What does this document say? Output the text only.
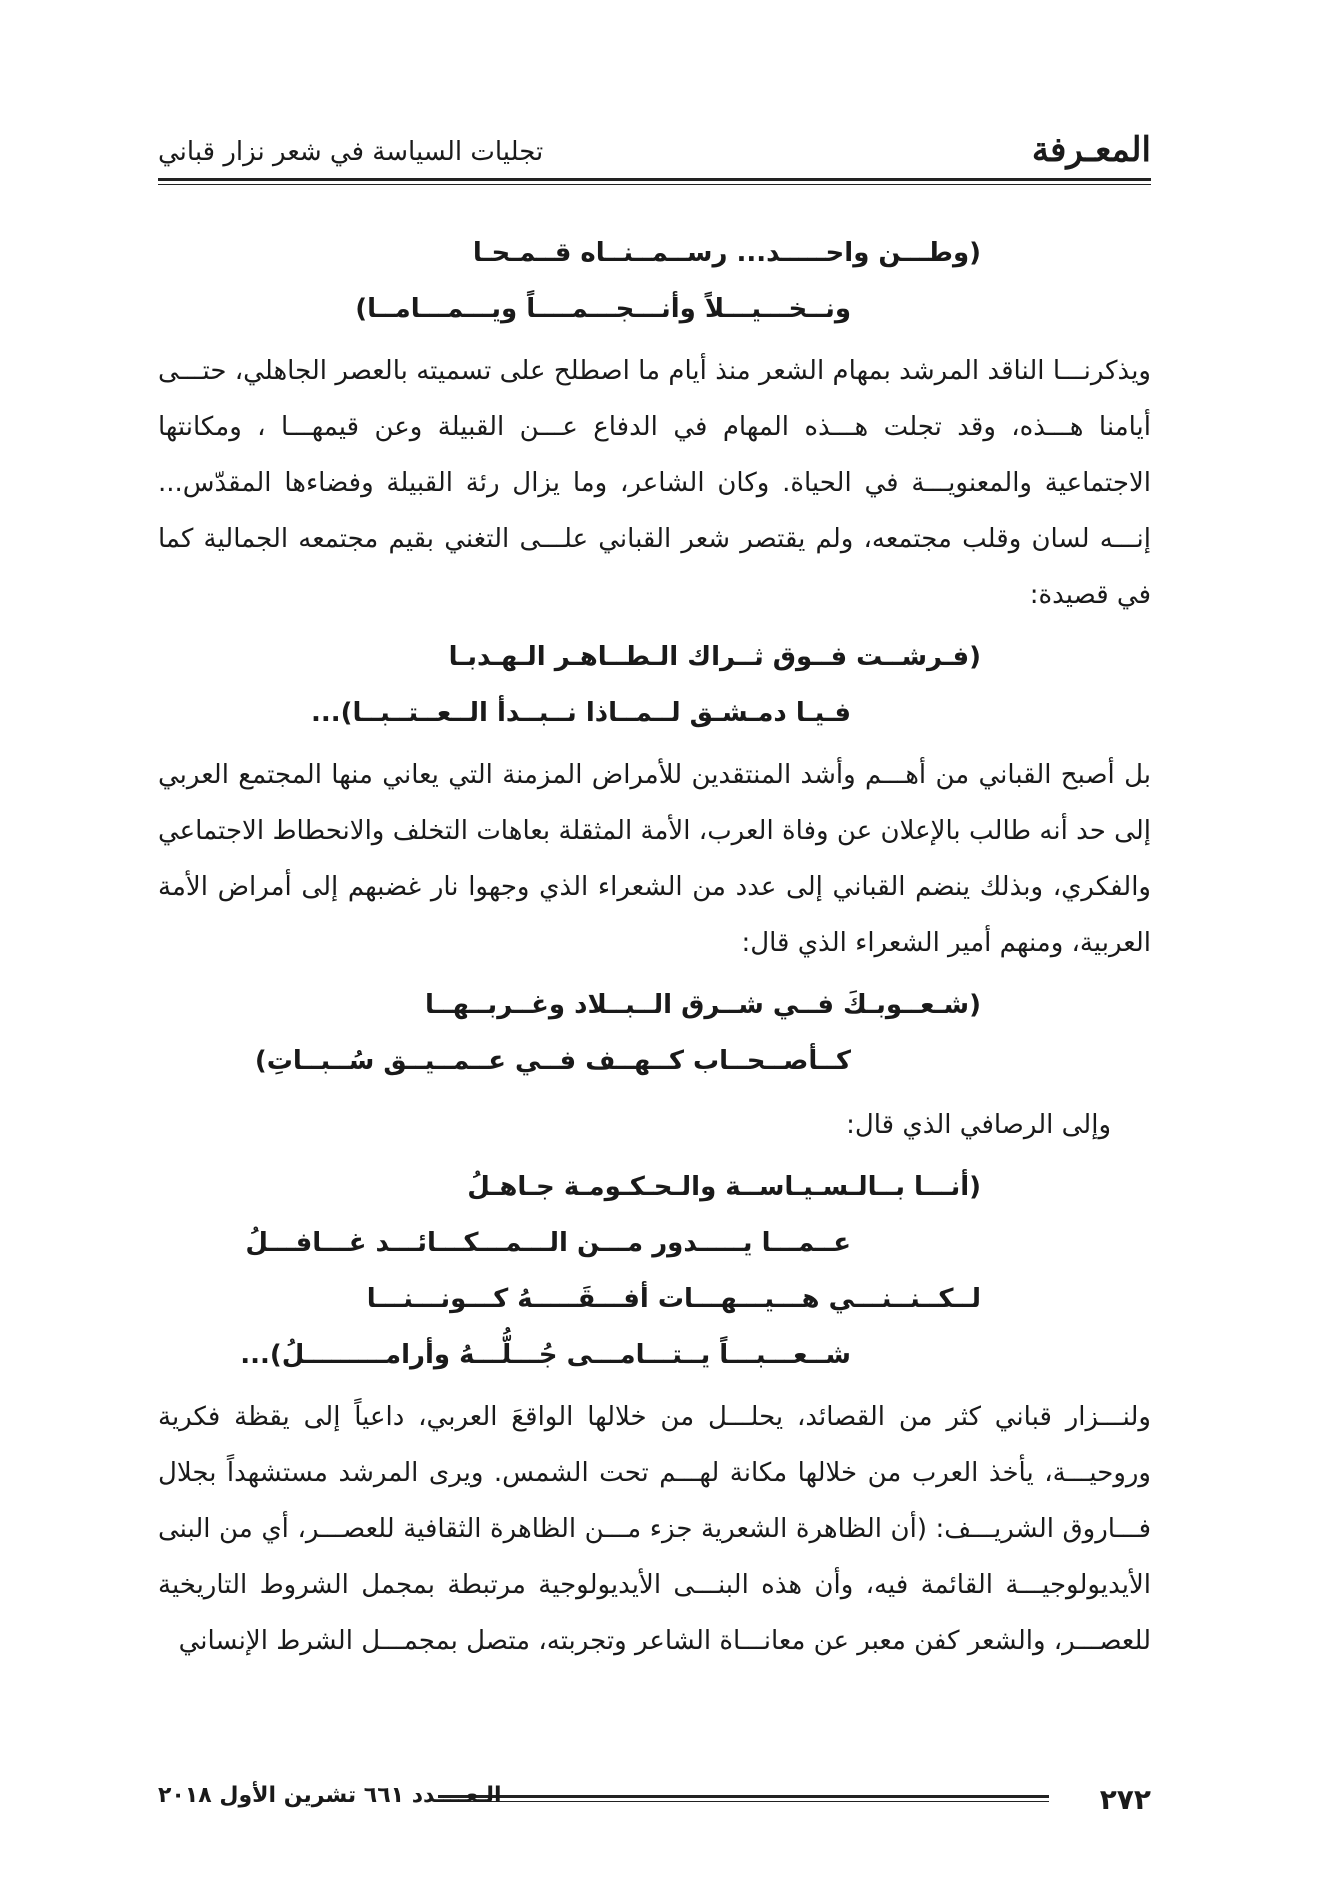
المعـرفة
تجليات السياسة في شعر نزار قباني

(وطـــن واحـــــد... رســمــنــاه قــمـحـا

ونــخـــيـــلاً وأنـــجـــمــــاً ويـــمـــامــا)

ويذكرنـــا الناقد المرشد بمهام الشعر منذ أيام ما اصطلح على تسميته بالعصر الجاهلي، حتـــى أيامنا هـــذه، وقد تجلت هـــذه المهام في الدفاع عـــن القبيلة وعن قيمهـــا ، ومكانتها الاجتماعية والمعنويـــة في الحياة. وكان الشاعر، وما يزال رئة القبيلة وفضاءها المقدّس... إنـــه لسان وقلب مجتمعه، ولم يقتصر شعر القباني علـــى التغني بقيم مجتمعه الجمالية كما في قصيدة:

(فـرشــت فــوق ثــراك الـطــاهـر الـهـدبـا

فـيـا دمـشـق لــمــاذا نــبــدأ الــعــتــبــا)...

بل أصبح القباني من أهـــم وأشد المنتقدين للأمراض المزمنة التي يعاني منها المجتمع العربي إلى حد أنه طالب بالإعلان عن وفاة العرب، الأمة المثقلة بعاهات التخلف والانحطاط الاجتماعي والفكري، وبذلك ينضم القباني إلى عدد من الشعراء الذي وجهوا نار غضبهم إلى أمراض الأمة العربية، ومنهم أمير الشعراء الذي قال:

(شـعــوبـكَ فــي شــرق الــبــلاد وغــربــهــا

كــأصــحــاب كــهــف فــي عــمــيــق سُــبــاتِ)

وإلى الرصافي الذي قال:

(أنـــا بــالـسـيـاســة والـحـكـومـة جـاهـلُ

عــمـــا يـــــدور مـــن الـــمـــكـــائـــد غـــافـــلُ

لــكــنــنـــي هـــيـــهـــات أفـــقَـــــهُ كـــونـــنـــا

شــعـــبـــاً يــتـــامـــى جُـــلُّـــهُ وأرامـــــــــلُ)...

ولنـــزار قباني كثر من القصائد، يحلـــل من خلالها الواقعَ العربي، داعياً إلى يقظة فكرية وروحيـــة، يأخذ العرب من خلالها مكانة لهـــم تحت الشمس. ويرى المرشد مستشهداً بجلال فـــاروق الشريـــف: (أن الظاهرة الشعرية جزء مـــن الظاهرة الثقافية للعصـــر، أي من البنى الأيديولوجيـــة القائمة فيه، وأن هذه البنـــى الأيديولوجية مرتبطة بمجمل الشروط التاريخية للعصـــر، والشعر كفن معبر عن معانـــاة الشاعر وتجربته، متصل بمجمـــل الشرط الإنساني

٢٧٢
الـعــــدد ٦٦١ تشرين الأول ٢٠١٨
